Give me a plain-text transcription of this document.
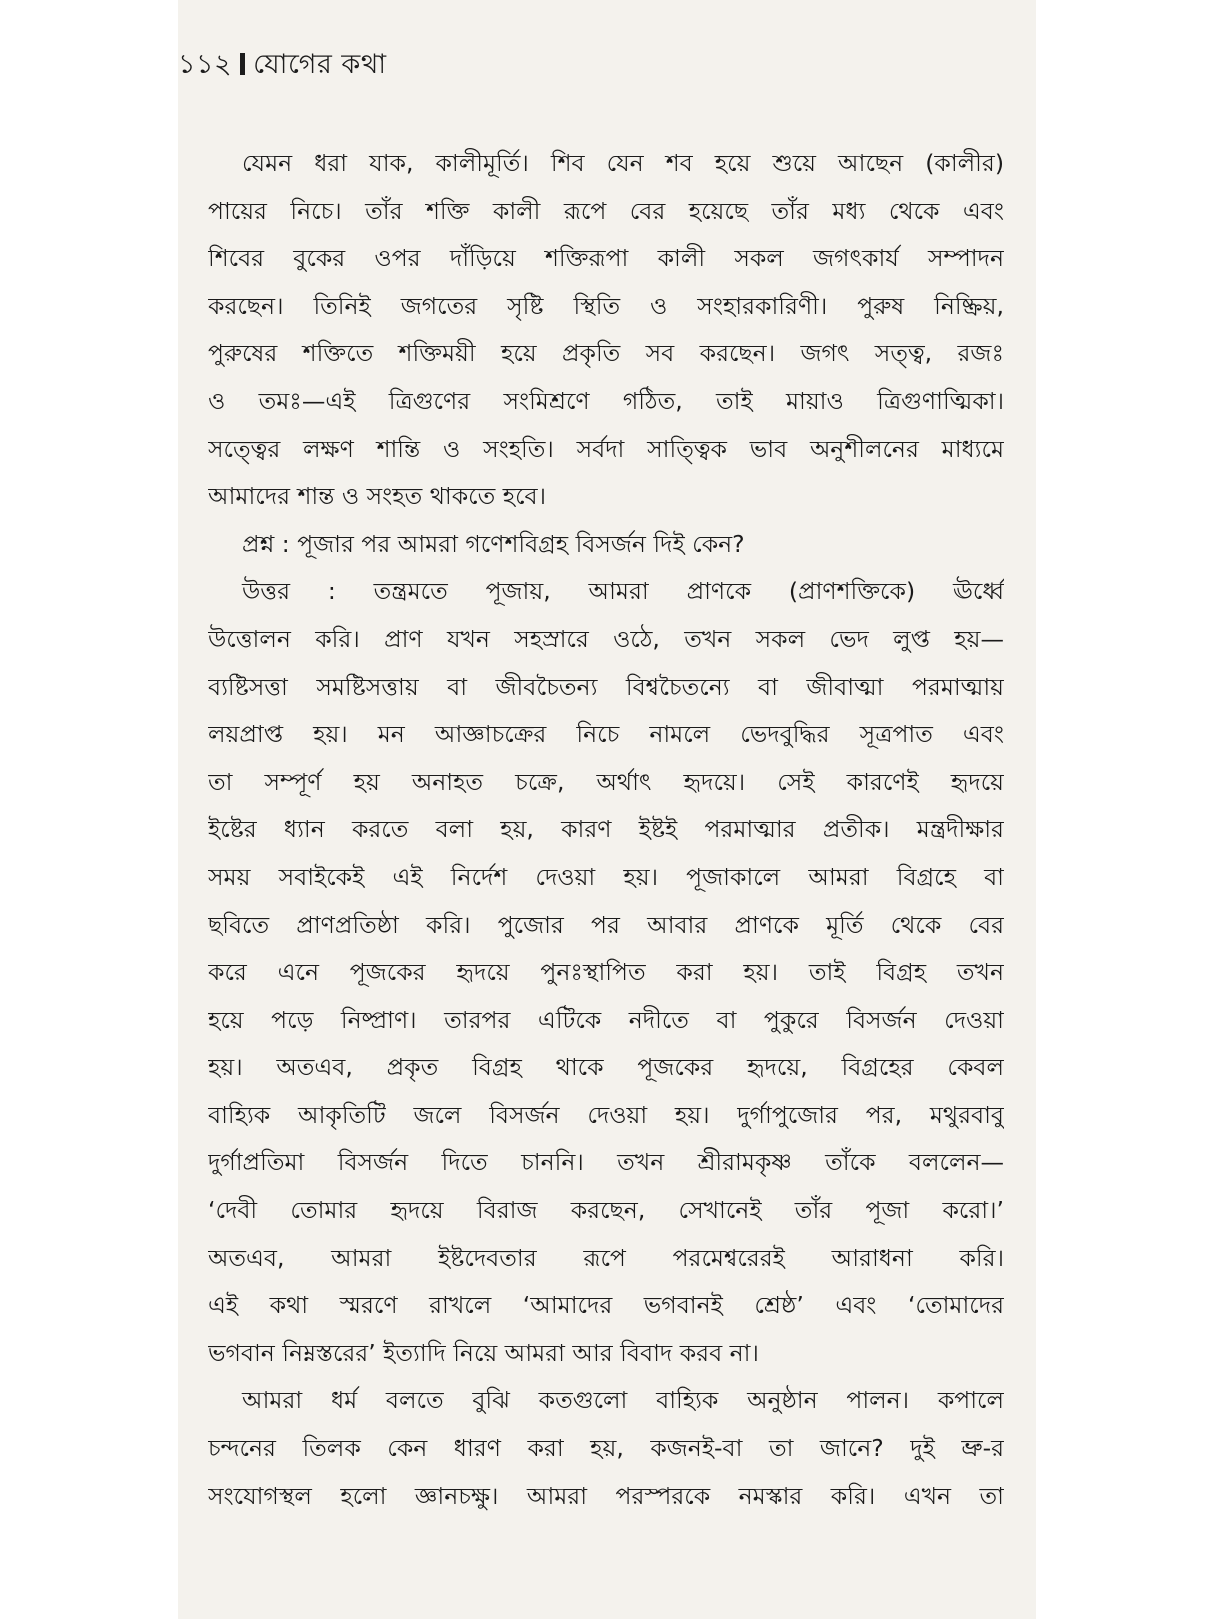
১১২ যোগের কথা
যেমন ধরা যাক, কালীমূর্তি। শিব যেন শব হয়ে শুয়ে আছেন (কালীর)
পায়ের নিচে। তাঁর শক্তি কালী রূপে বের হয়েছে তাঁর মধ্য থেকে এবং
শিবের বুকের ওপর দাঁড়িয়ে শক্তিরূপা কালী সকল জগৎকার্য সম্পাদন
করছেন। তিনিই জগতের সৃষ্টি স্থিতি ও সংহারকারিণী। পুরুষ নিষ্ক্রিয়,
পুরুষের শক্তিতে শক্তিময়ী হয়ে প্রকৃতি সব করছেন। জগৎ সত্ত্ব, রজঃ
ও তমঃ—এই ত্রিগুণের সংমিশ্রণে গঠিত, তাই মায়াও ত্রিগুণাত্মিকা।
সত্ত্বের লক্ষণ শান্তি ও সংহতি। সর্বদা সাত্ত্বিক ভাব অনুশীলনের মাধ্যমে
আমাদের শান্ত ও সংহত থাকতে হবে।
প্রশ্ন : পূজার পর আমরা গণেশবিগ্রহ বিসর্জন দিই কেন?
উত্তর : তন্ত্রমতে পূজায়, আমরা প্রাণকে (প্রাণশক্তিকে) ঊর্ধ্বে
উত্তোলন করি। প্রাণ যখন সহস্রারে ওঠে, তখন সকল ভেদ লুপ্ত হয়—
ব্যষ্টিসত্তা সমষ্টিসত্তায় বা জীবচৈতন্য বিশ্বচৈতন্যে বা জীবাত্মা পরমাত্মায়
লয়প্রাপ্ত হয়। মন আজ্ঞাচক্রের নিচে নামলে ভেদবুদ্ধির সূত্রপাত এবং
তা সম্পূর্ণ হয় অনাহত চক্রে, অর্থাৎ হৃদয়ে। সেই কারণেই হৃদয়ে
ইষ্টের ধ্যান করতে বলা হয়, কারণ ইষ্টই পরমাত্মার প্রতীক। মন্ত্রদীক্ষার
সময় সবাইকেই এই নির্দেশ দেওয়া হয়। পূজাকালে আমরা বিগ্রহে বা
ছবিতে প্রাণপ্রতিষ্ঠা করি। পুজোর পর আবার প্রাণকে মূর্তি থেকে বের
করে এনে পূজকের হৃদয়ে পুনঃস্থাপিত করা হয়। তাই বিগ্রহ তখন
হয়ে পড়ে নিষ্প্রাণ। তারপর এটিকে নদীতে বা পুকুরে বিসর্জন দেওয়া
হয়। অতএব, প্রকৃত বিগ্রহ থাকে পূজকের হৃদয়ে, বিগ্রহের কেবল
বাহ্যিক আকৃতিটি জলে বিসর্জন দেওয়া হয়। দুর্গাপুজোর পর, মথুরবাবু
দুর্গাপ্রতিমা বিসর্জন দিতে চাননি। তখন শ্রীরামকৃষ্ণ তাঁকে বললেন—
‘দেবী তোমার হৃদয়ে বিরাজ করছেন, সেখানেই তাঁর পূজা করো।’
অতএব, আমরা ইষ্টদেবতার রূপে পরমেশ্বরেরই আরাধনা করি।
এই কথা স্মরণে রাখলে ‘আমাদের ভগবানই শ্রেষ্ঠ’ এবং ‘তোমাদের
ভগবান নিম্নস্তরের’ ইত্যাদি নিয়ে আমরা আর বিবাদ করব না।
আমরা ধর্ম বলতে বুঝি কতগুলো বাহ্যিক অনুষ্ঠান পালন। কপালে
চন্দনের তিলক কেন ধারণ করা হয়, কজনই-বা তা জানে? দুই ভ্রু-র
সংযোগস্থল হলো জ্ঞানচক্ষু। আমরা পরস্পরকে নমস্কার করি। এখন তা
